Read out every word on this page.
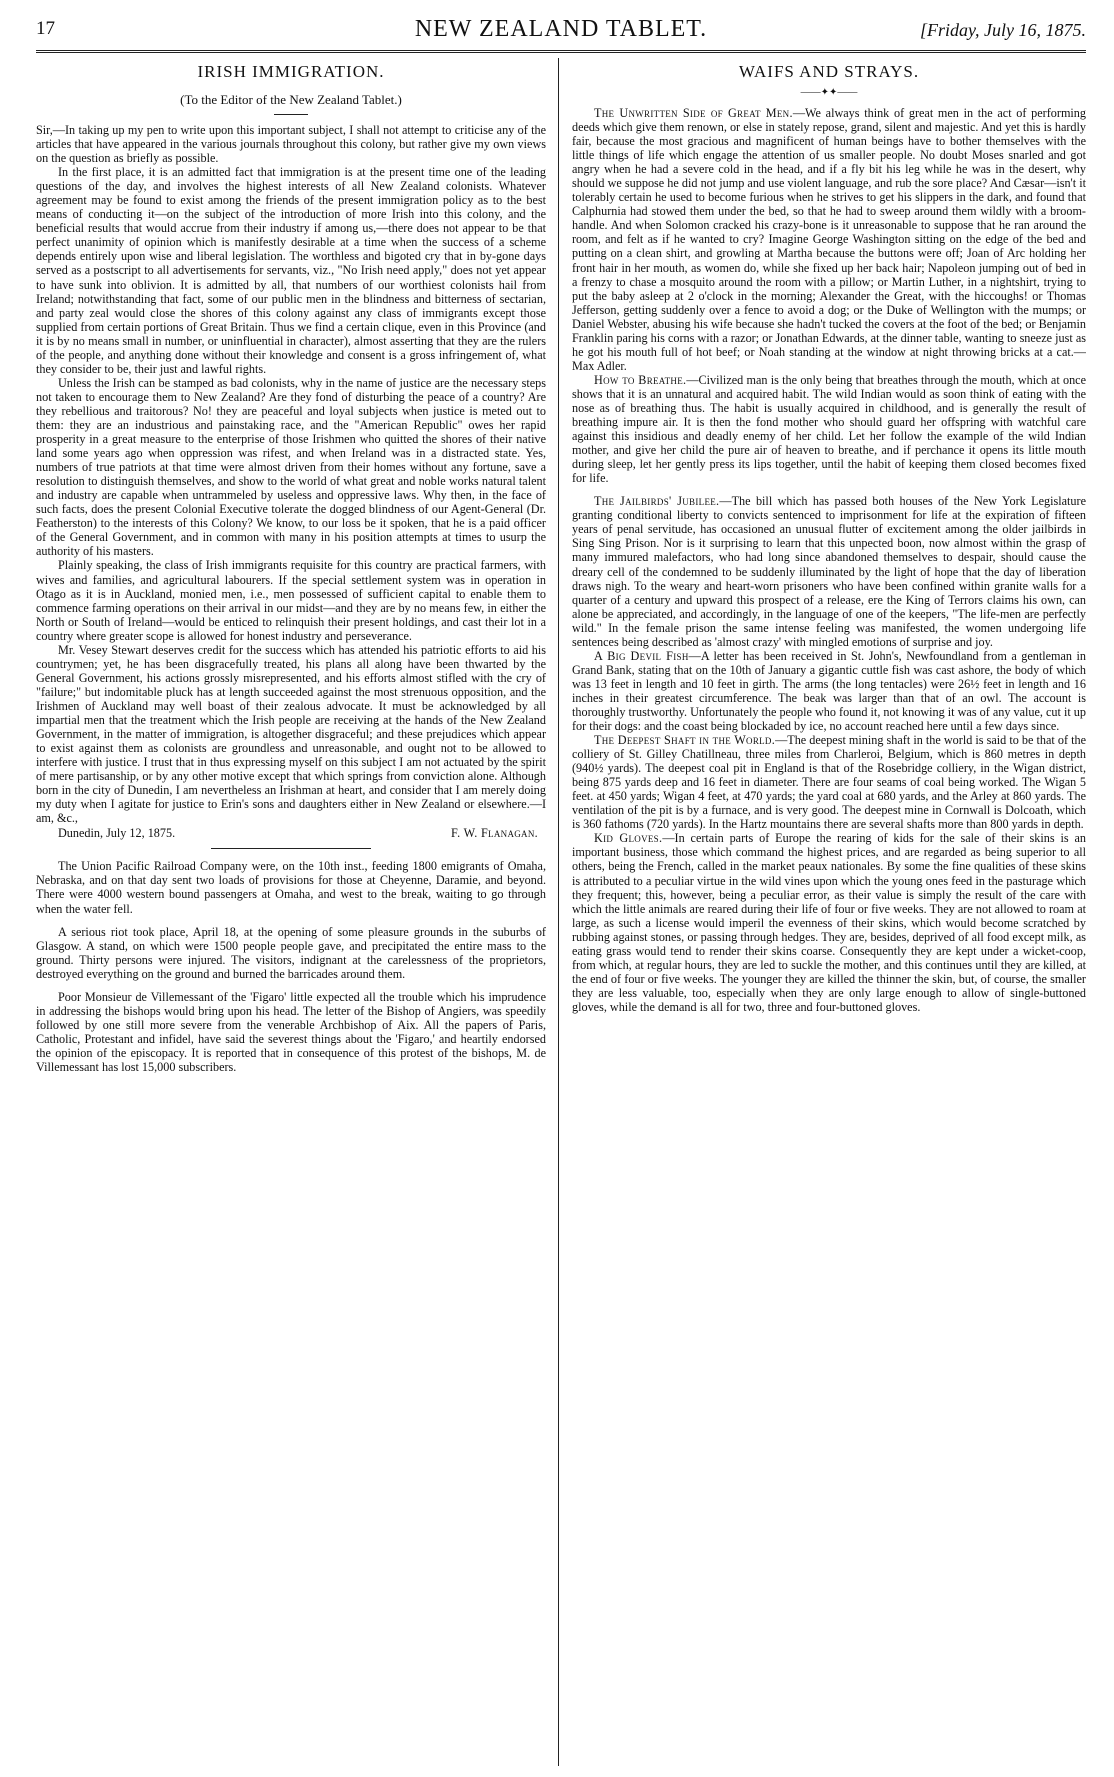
17	NEW ZEALAND TABLET.	[Friday, July 16, 1875.
IRISH IMMIGRATION.
(To the Editor of the New Zealand Tablet.)

Sir,—In taking up my pen to write upon this important subject, I shall not attempt to criticise any of the articles that have appeared in the various journals throughout this colony, but rather give my own views on the question as briefly as possible.

In the first place, it is an admitted fact that immigration is at the present time one of the leading questions of the day, and involves the highest interests of all New Zealand colonists. Whatever agreement may be found to exist among the friends of the present immigration policy as to the best means of conducting it—on the subject of the introduction of more Irish into this colony, and the beneficial results that would accrue from their industry if among us,—there does not appear to be that perfect unanimity of opinion which is manifestly desirable at a time when the success of a scheme depends entirely upon wise and liberal legislation. The worthless and bigoted cry that in by-gone days served as a postscript to all advertisements for servants, viz., "No Irish need apply," does not yet appear to have sunk into oblivion. It is admitted by all, that numbers of our worthiest colonists hail from Ireland; notwithstanding that fact, some of our public men in the blindness and bitterness of sectarian, and party zeal would close the shores of this colony against any class of immigrants except those supplied from certain portions of Great Britain. Thus we find a certain clique, even in this Province (and it is by no means small in number, or uninfluential in character), almost asserting that they are the rulers of the people, and anything done without their knowledge and consent is a gross infringement of, what they consider to be, their just and lawful rights.

Unless the Irish can be stamped as bad colonists, why in the name of justice are the necessary steps not taken to encourage them to New Zealand? Are they fond of disturbing the peace of a country? Are they rebellious and traitorous? No! they are peaceful and loyal subjects when justice is meted out to them: they are an industrious and painstaking race, and the "American Republic" owes her rapid prosperity in a great measure to the enterprise of those Irishmen who quitted the shores of their native land some years ago when oppression was rifest, and when Ireland was in a distracted state. Yes, numbers of true patriots at that time were almost driven from their homes without any fortune, save a resolution to distinguish themselves, and show to the world of what great and noble works natural talent and industry are capable when untrammeled by useless and oppressive laws. Why then, in the face of such facts, does the present Colonial Executive tolerate the dogged blindness of our Agent-General (Dr. Featherston) to the interests of this Colony? We know, to our loss be it spoken, that he is a paid officer of the General Government, and in common with many in his position attempts at times to usurp the authority of his masters.

Plainly speaking, the class of Irish immigrants requisite for this country are practical farmers, with wives and families, and agricultural labourers. If the special settlement system was in operation in Otago as it is in Auckland, monied men, i.e., men possessed of sufficient capital to enable them to commence farming operations on their arrival in our midst—and they are by no means few, in either the North or South of Ireland—would be enticed to relinquish their present holdings, and cast their lot in a country where greater scope is allowed for honest industry and perseverance.

Mr. Vesey Stewart deserves credit for the success which has attended his patriotic efforts to aid his countrymen; yet, he has been disgracefully treated, his plans all along have been thwarted by the General Government, his actions grossly misrepresented, and his efforts almost stifled with the cry of "failure;" but indomitable pluck has at length succeeded against the most strenuous opposition, and the Irishmen of Auckland may well boast of their zealous advocate. It must be acknowledged by all impartial men that the treatment which the Irish people are receiving at the hands of the New Zealand Government, in the matter of immigration, is altogether disgraceful; and these prejudices which appear to exist against them as colonists are groundless and unreasonable, and ought not to be allowed to interfere with justice. I trust that in thus expressing myself on this subject I am not actuated by the spirit of mere partisanship, or by any other motive except that which springs from conviction alone. Although born in the city of Dunedin, I am nevertheless an Irishman at heart, and consider that I am merely doing my duty when I agitate for justice to Erin's sons and daughters either in New Zealand or elsewhere.—I am, &c.,

Dunedin, July 12, 1875.	F. W. Flanagan.

The Union Pacific Railroad Company were, on the 10th inst., feeding 1800 emigrants of Omaha, Nebraska, and on that day sent two loads of provisions for those at Cheyenne, Daramie, and beyond. There were 4000 western bound passengers at Omaha, and west to the break, waiting to go through when the water fell.

A serious riot took place, April 18, at the opening of some pleasure grounds in the suburbs of Glasgow. A stand, on which were 1500 people people gave, and precipitated the entire mass to the ground. Thirty persons were injured. The visitors, indignant at the carelessness of the proprietors, destroyed everything on the ground and burned the barricades around them.

Poor Monsieur de Villemessant of the 'Figaro' little expected all the trouble which his imprudence in addressing the bishops would bring upon his head. The letter of the Bishop of Angiers, was speedily followed by one still more severe from the venerable Archbishop of Aix. All the papers of Paris, Catholic, Protestant and infidel, have said the severest things about the 'Figaro,' and heartily endorsed the opinion of the episcopacy. It is reported that in consequence of this protest of the bishops, M. de Villemessant has lost 15,000 subscribers.

WAIFS AND STRAYS.
——✦✦——

The Unwritten Side of Great Men.—We always think of great men in the act of performing deeds which give them renown, or else in stately repose, grand, silent and majestic. And yet this is hardly fair, because the most gracious and magnificent of human beings have to bother themselves with the little things of life which engage the attention of us smaller people. No doubt Moses snarled and got angry when he had a severe cold in the head, and if a fly bit his leg while he was in the desert, why should we suppose he did not jump and use violent language, and rub the sore place? And Cæsar—isn't it tolerably certain he used to become furious when he strives to get his slippers in the dark, and found that Calphurnia had stowed them under the bed, so that he had to sweep around them wildly with a broom-handle. And when Solomon cracked his crazy-bone is it unreasonable to suppose that he ran around the room, and felt as if he wanted to cry? Imagine George Washington sitting on the edge of the bed and putting on a clean shirt, and growling at Martha because the buttons were off; Joan of Arc holding her front hair in her mouth, as women do, while she fixed up her back hair; Napoleon jumping out of bed in a frenzy to chase a mosquito around the room with a pillow; or Martin Luther, in a nightshirt, trying to put the baby asleep at 2 o'clock in the morning; Alexander the Great, with the hiccoughs! or Thomas Jefferson, getting suddenly over a fence to avoid a dog; or the Duke of Wellington with the mumps; or Daniel Webster, abusing his wife because she hadn't tucked the covers at the foot of the bed; or Benjamin Franklin paring his corns with a razor; or Jonathan Edwards, at the dinner table, wanting to sneeze just as he got his mouth full of hot beef; or Noah standing at the window at night throwing bricks at a cat.—Max Adler.

How to Breathe.—Civilized man is the only being that breathes through the mouth, which at once shows that it is an unnatural and acquired habit. The wild Indian would as soon think of eating with the nose as of breathing thus. The habit is usually acquired in childhood, and is generally the result of breathing impure air. It is then the fond mother who should guard her offspring with watchful care against this insidious and deadly enemy of her child. Let her follow the example of the wild Indian mother, and give her child the pure air of heaven to breathe, and if perchance it opens its little mouth during sleep, let her gently press its lips together, until the habit of keeping them closed becomes fixed for life.

The Jailbirds' Jubilee.—The bill which has passed both houses of the New York Legislature granting conditional liberty to convicts sentenced to imprisonment for life at the expiration of fifteen years of penal servitude, has occasioned an unusual flutter of excitement among the older jailbirds in Sing Sing Prison. Nor is it surprising to learn that this unpected boon, now almost within the grasp of many immured malefactors, who had long since abandoned themselves to despair, should cause the dreary cell of the condemned to be suddenly illuminated by the light of hope that the day of liberation draws nigh. To the weary and heart-worn prisoners who have been confined within granite walls for a quarter of a century and upward this prospect of a release, ere the King of Terrors claims his own, can alone be appreciated, and accordingly, in the language of one of the keepers, "The life-men are perfectly wild." In the female prison the same intense feeling was manifested, the women undergoing life sentences being described as 'almost crazy' with mingled emotions of surprise and joy.

A Big Devil Fish—A letter has been received in St. John's, Newfoundland from a gentleman in Grand Bank, stating that on the 10th of January a gigantic cuttle fish was cast ashore, the body of which was 13 feet in length and 10 feet in girth. The arms (the long tentacles) were 26½ feet in length and 16 inches in their greatest circumference. The beak was larger than that of an owl. The account is thoroughly trustworthy. Unfortunately the people who found it, not knowing it was of any value, cut it up for their dogs: and the coast being blockaded by ice, no account reached here until a few days since.

The Deepest Shaft in the World.—The deepest mining shaft in the world is said to be that of the colliery of St. Gilley Chatillneau, three miles from Charleroi, Belgium, which is 860 metres in depth (940½ yards). The deepest coal pit in England is that of the Rosebridge colliery, in the Wigan district, being 875 yards deep and 16 feet in diameter. There are four seams of coal being worked. The Wigan 5 feet. at 450 yards; Wigan 4 feet, at 470 yards; the yard coal at 680 yards, and the Arley at 860 yards. The ventilation of the pit is by a furnace, and is very good. The deepest mine in Cornwall is Dolcoath, which is 360 fathoms (720 yards). In the Hartz mountains there are several shafts more than 800 yards in depth.

Kid Gloves.—In certain parts of Europe the rearing of kids for the sale of their skins is an important business, those which command the highest prices, and are regarded as being superior to all others, being the French, called in the market peaux nationales. By some the fine qualities of these skins is attributed to a peculiar virtue in the wild vines upon which the young ones feed in the pasturage which they frequent; this, however, being a peculiar error, as their value is simply the result of the care with which the little animals are reared during their life of four or five weeks. They are not allowed to roam at large, as such a license would imperil the evenness of their skins, which would become scratched by rubbing against stones, or passing through hedges. They are, besides, deprived of all food except milk, as eating grass would tend to render their skins coarse. Consequently they are kept under a wicket-coop, from which, at regular hours, they are led to suckle the mother, and this continues until they are killed, at the end of four or five weeks. The younger they are killed the thinner the skin, but, of course, the smaller they are less valuable, too, especially when they are only large enough to allow of single-buttoned gloves, while the demand is all for two, three and four-buttoned gloves.
